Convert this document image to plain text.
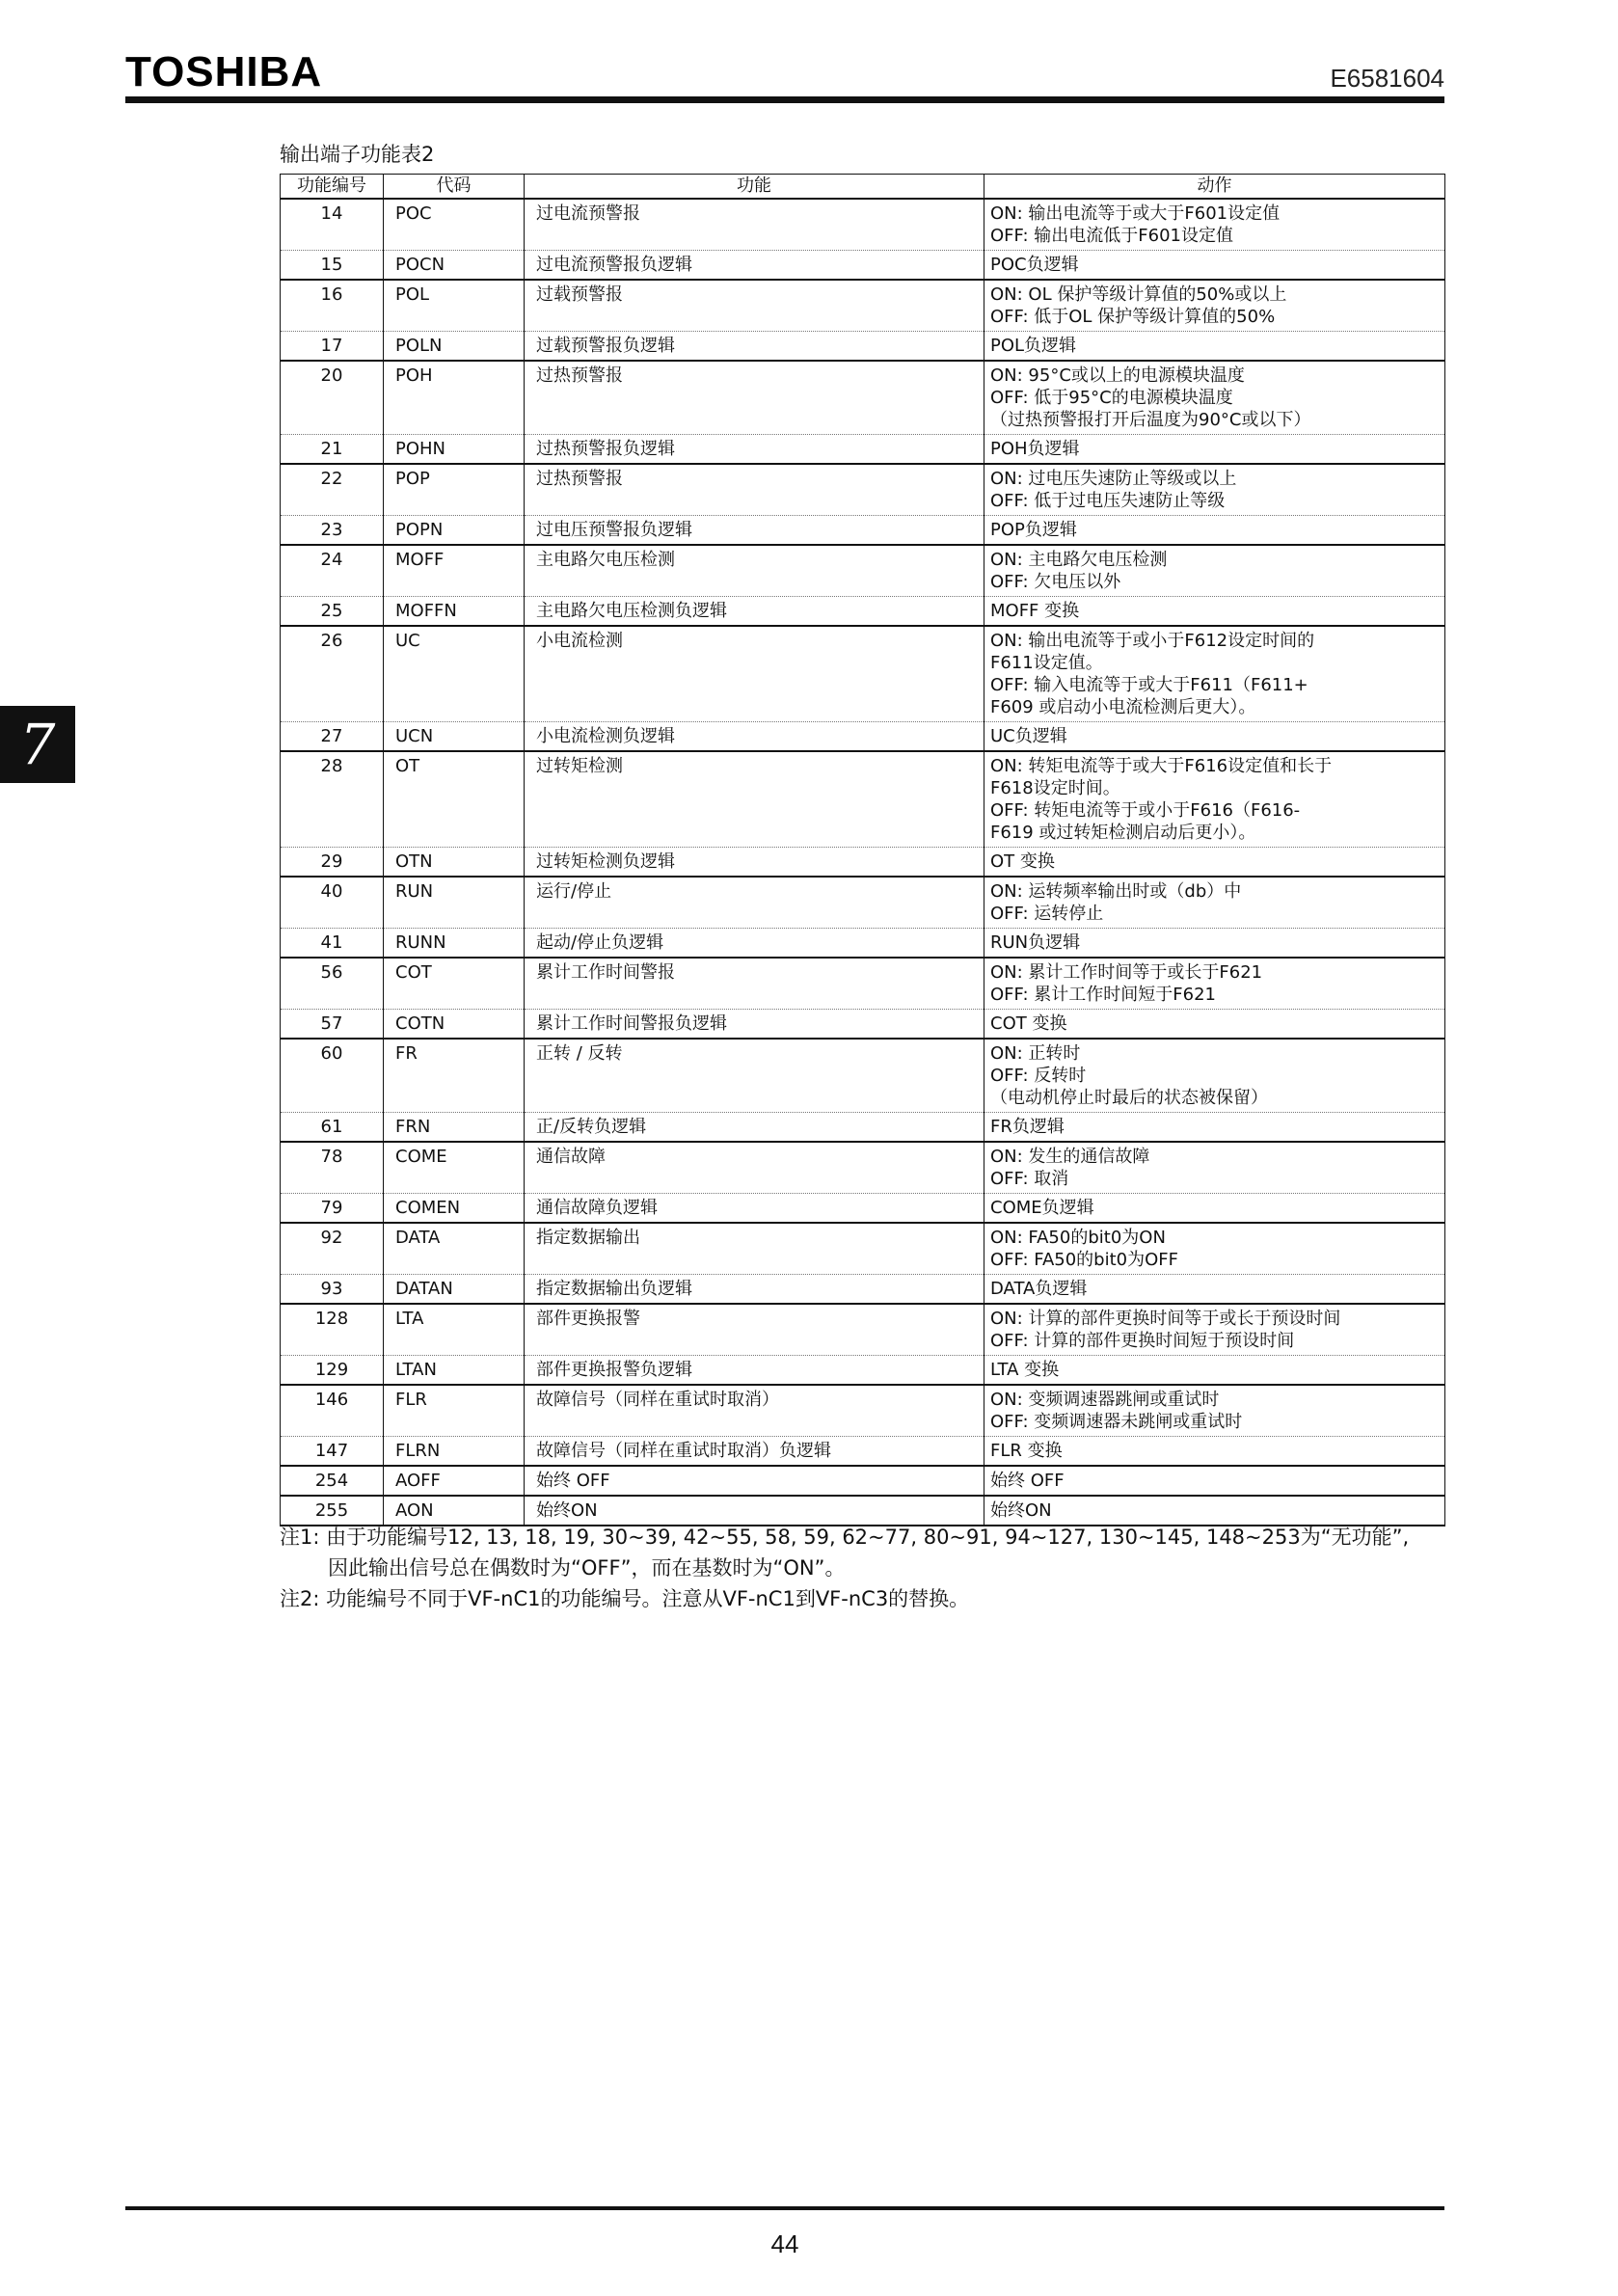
TOSHIBA	E6581604
7
输出端子功能表2
功能编号	代码	功能	动作
14	POC	过电流预警报	ON: 输出电流等于或大于F601设定值
OFF: 输出电流低于F601设定值
15	POCN	过电流预警报负逻辑	POC负逻辑
16	POL	过载预警报	ON: OL 保护等级计算值的50%或以上
OFF: 低于OL 保护等级计算值的50%
17	POLN	过载预警报负逻辑	POL负逻辑
20	POH	过热预警报	ON: 95°C或以上的电源模块温度
OFF: 低于95°C的电源模块温度
（过热预警报打开后温度为90°C或以下）
21	POHN	过热预警报负逻辑	POH负逻辑
22	POP	过热预警报	ON: 过电压失速防止等级或以上
OFF: 低于过电压失速防止等级
23	POPN	过电压预警报负逻辑	POP负逻辑
24	MOFF	主电路欠电压检测	ON: 主电路欠电压检测
OFF: 欠电压以外
25	MOFFN	主电路欠电压检测负逻辑	MOFF 变换
26	UC	小电流检测	ON: 输出电流等于或小于F612设定时间的
F611设定值。
OFF: 输入电流等于或大于F611（F611+
F609 或启动小电流检测后更大）。
27	UCN	小电流检测负逻辑	UC负逻辑
28	OT	过转矩检测	ON: 转矩电流等于或大于F616设定值和长于
F618设定时间。
OFF: 转矩电流等于或小于F616（F616-
F619 或过转矩检测启动后更小）。
29	OTN	过转矩检测负逻辑	OT 变换
40	RUN	运行/停止	ON: 运转频率输出时或（db）中
OFF: 运转停止
41	RUNN	起动/停止负逻辑	RUN负逻辑
56	COT	累计工作时间警报	ON: 累计工作时间等于或长于F621
OFF: 累计工作时间短于F621
57	COTN	累计工作时间警报负逻辑	COT 变换
60	FR	正转 / 反转	ON: 正转时
OFF: 反转时
（电动机停止时最后的状态被保留）
61	FRN	正/反转负逻辑	FR负逻辑
78	COME	通信故障	ON: 发生的通信故障
OFF: 取消
79	COMEN	通信故障负逻辑	COME负逻辑
92	DATA	指定数据输出	ON: FA50的bit0为ON
OFF: FA50的bit0为OFF
93	DATAN	指定数据输出负逻辑	DATA负逻辑
128	LTA	部件更换报警	ON: 计算的部件更换时间等于或长于预设时间
OFF: 计算的部件更换时间短于预设时间
129	LTAN	部件更换报警负逻辑	LTA 变换
146	FLR	故障信号（同样在重试时取消）	ON: 变频调速器跳闸或重试时
OFF: 变频调速器未跳闸或重试时
147	FLRN	故障信号（同样在重试时取消）负逻辑	FLR 变换
254	AOFF	始终 OFF	始终 OFF
255	AON	始终ON	始终ON
注1: 由于功能编号12, 13, 18, 19, 30~39, 42~55, 58, 59, 62~77, 80~91, 94~127, 130~145, 148~253为“无功能”,
因此输出信号总在偶数时为“OFF”，而在基数时为“ON”。
注2: 功能编号不同于VF-nC1的功能编号。注意从VF-nC1到VF-nC3的替换。
44
